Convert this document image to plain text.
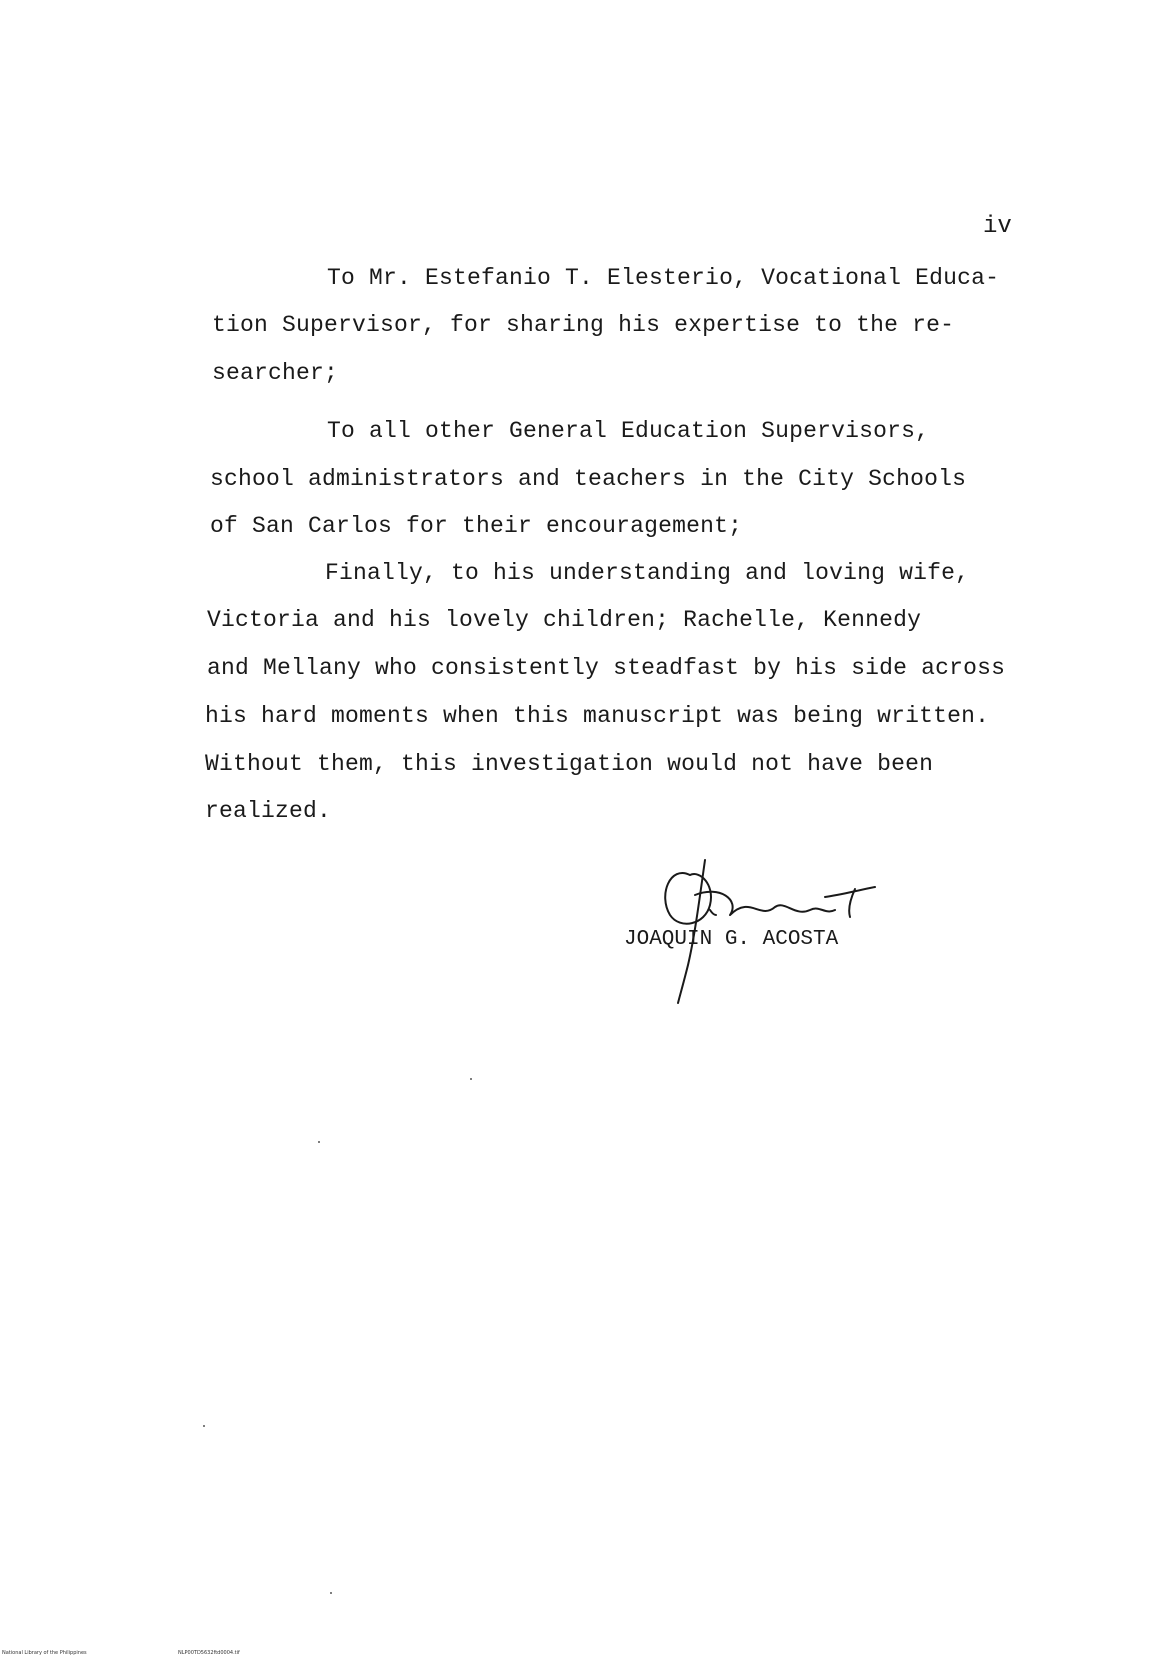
iv
To Mr. Estefanio T. Elesterio, Vocational Educa-
tion Supervisor, for sharing his expertise to the re-
searcher;
To all other General Education Supervisors,
school administrators and teachers in the City Schools
of San Carlos for their encouragement;
Finally, to his understanding and loving wife,
Victoria and his lovely children; Rachelle, Kennedy
and Mellany who consistently steadfast by his side across
his hard moments when this manuscript was being written.
Without them, this investigation would not have been
realized.
JOAQUIN G. ACOSTA
National Library of the Philippines	NLP00TD5632ftd0004.tif
